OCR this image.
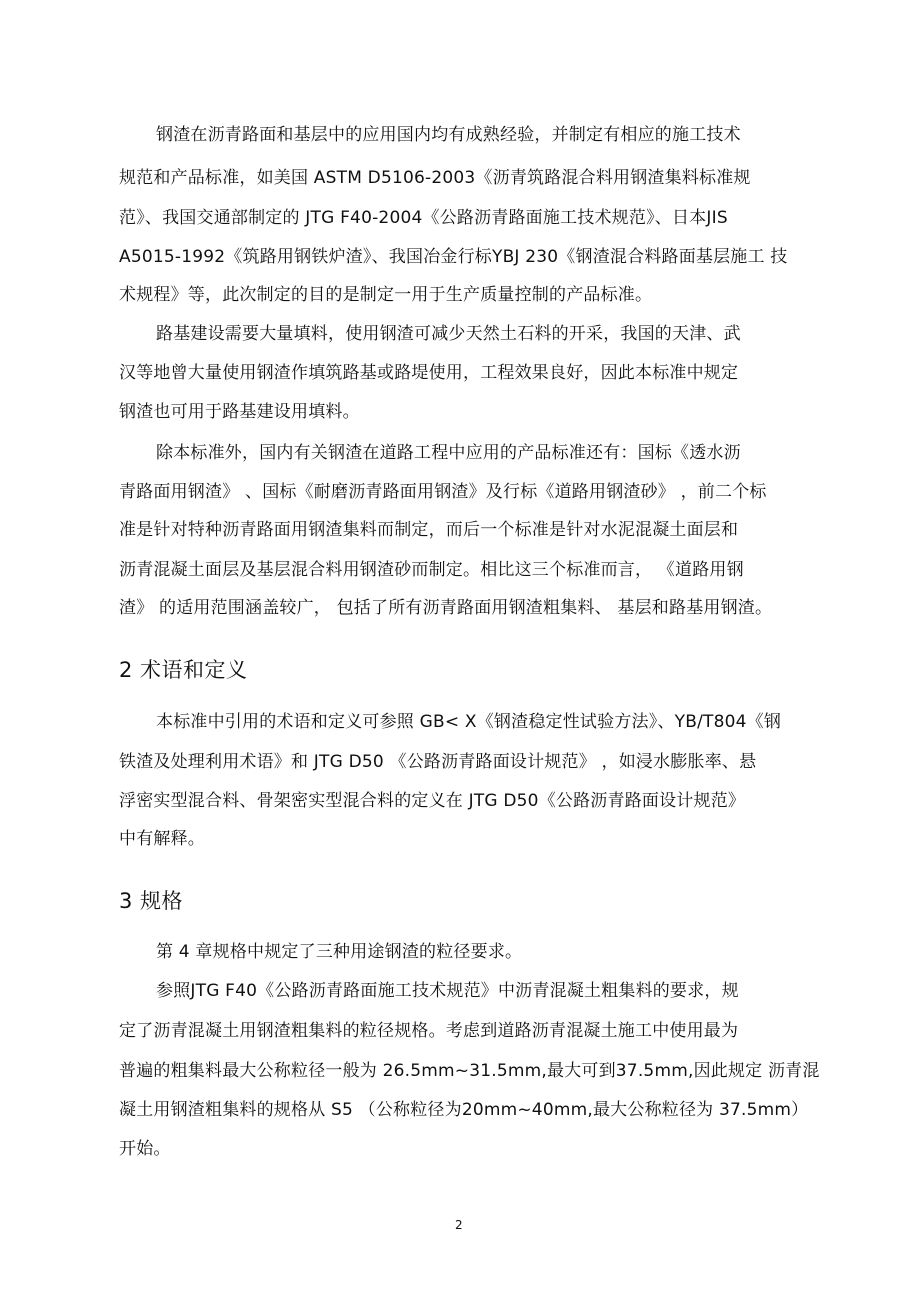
钢渣在沥青路面和基层中的应用国内均有成熟经验，并制定有相应的施工技术
规范和产品标准，如美国 ASTM D5106-2003《沥青筑路混合料用钢渣集料标准规
范》、我国交通部制定的 JTG F40-2004《公路沥青路面施工技术规范》、日本JIS
A5015-1992《筑路用钢铁炉渣》、我国冶金行标YBJ 230《钢渣混合料路面基层施工 技
术规程》等，此次制定的目的是制定一用于生产质量控制的产品标准。
路基建设需要大量填料，使用钢渣可减少天然土石料的开采，我国的天津、武
汉等地曾大量使用钢渣作填筑路基或路堤使用，工程效果良好，因此本标准中规定
钢渣也可用于路基建设用填料。
除本标准外，国内有关钢渣在道路工程中应用的产品标准还有：国标《透水沥
青路面用钢渣》 、国标《耐磨沥青路面用钢渣》及行标《道路用钢渣砂》 ，前二个标
准是针对特种沥青路面用钢渣集料而制定，而后一个标准是针对水泥混凝土面层和
沥青混凝土面层及基层混合料用钢渣砂而制定。相比这三个标准而言， 《道路用钢
渣》 的适用范围涵盖较广， 包括了所有沥青路面用钢渣粗集料、 基层和路基用钢渣。
2 术语和定义
本标准中引用的术语和定义可参照 GB< X《钢渣稳定性试验方法》、YB/T804《钢
铁渣及处理利用术语》和 JTG D50 《公路沥青路面设计规范》 ，如浸水膨胀率、悬
浮密实型混合料、骨架密实型混合料的定义在 JTG D50《公路沥青路面设计规范》
中有解释。
3 规格
第 4 章规格中规定了三种用途钢渣的粒径要求。
参照JTG F40《公路沥青路面施工技术规范》中沥青混凝土粗集料的要求，规
定了沥青混凝土用钢渣粗集料的粒径规格。考虑到道路沥青混凝土施工中使用最为
普遍的粗集料最大公称粒径一般为 26.5mm~31.5mm,最大可到37.5mm,因此规定 沥青混
凝土用钢渣粗集料的规格从 S5 （公称粒径为20mm~40mm,最大公称粒径为 37.5mm）
开始。
2
